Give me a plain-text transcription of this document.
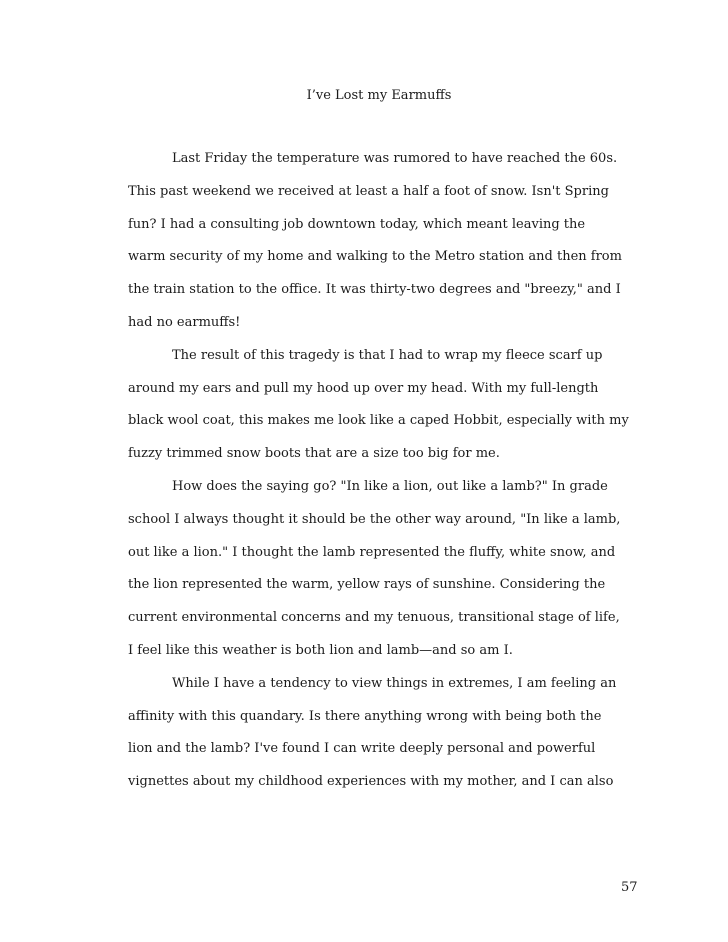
I’ve Lost my Earmuffs
Last Friday the temperature was rumored to have reached the 60s.
This past weekend we received at least a half a foot of snow. Isn't Spring
fun? I had a consulting job downtown today, which meant leaving the
warm security of my home and walking to the Metro station and then from
the train station to the office. It was thirty-two degrees and "breezy," and I
had no earmuffs!
The result of this tragedy is that I had to wrap my fleece scarf up
around my ears and pull my hood up over my head. With my full-length
black wool coat, this makes me look like a caped Hobbit, especially with my
fuzzy trimmed snow boots that are a size too big for me.
How does the saying go? "In like a lion, out like a lamb?" In grade
school I always thought it should be the other way around, "In like a lamb,
out like a lion." I thought the lamb represented the fluffy, white snow, and
the lion represented the warm, yellow rays of sunshine. Considering the
current environmental concerns and my tenuous, transitional stage of life,
I feel like this weather is both lion and lamb—and so am I.
While I have a tendency to view things in extremes, I am feeling an
affinity with this quandary. Is there anything wrong with being both the
lion and the lamb? I've found I can write deeply personal and powerful
vignettes about my childhood experiences with my mother, and I can also
57
